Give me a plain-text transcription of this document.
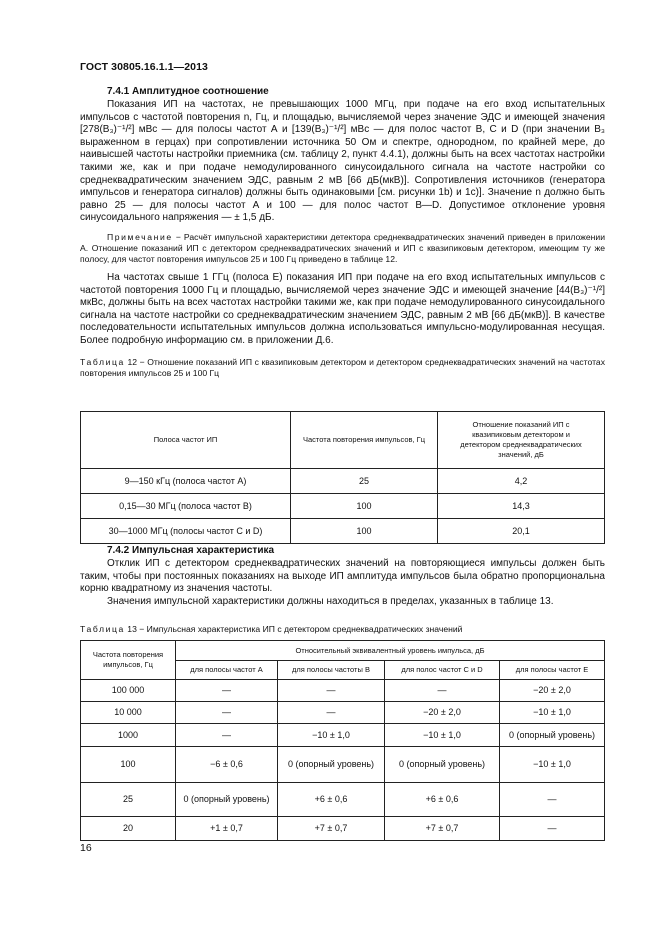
ГОСТ 30805.16.1.1—2013
7.4.1 Амплитудное соотношение

Показания ИП на частотах, не превышающих 1000 МГц, при подаче на его вход испытательных импульсов с частотой повторения n, Гц, и площадью, вычисляемой через значение ЭДС и имеющей значения [278(B₃)⁻¹/²] мВс — для полосы частот А и [139(B₃)⁻¹/²] мВс — для полос частот В, С и D (при значении B₃ выраженном в герцах) при сопротивлении источника 50 Ом и спектре, однородном, по крайней мере, до наивысшей частоты настройки приемника (см. таблицу 2, пункт 4.4.1), должны быть на всех частотах настройки такими же, как и при подаче немодулированного синусоидального сигнала на частоте настройки со среднеквадратическим значением ЭДС, равным 2 мВ [66 дБ(мкВ)]. Сопротивления источников (генератора импульсов и генератора сигналов) должны быть одинаковыми [см. рисунки 1b) и 1с)]. Значение n должно быть равно 25 — для полосы частот А и 100 — для полос частот В—D. Допустимое отклонение уровня синусоидального напряжения — ± 1,5 дБ.

Примечание − Расчёт импульсной характеристики детектора среднеквадратических значений приведен в приложении А. Отношение показаний ИП с детектором среднеквадратических значений и ИП с квазипиковым детектором, имеющим ту же полосу, для частот повторения импульсов 25 и 100 Гц приведено в таблице 12.

На частотах свыше 1 ГГц (полоса Е) показания ИП при подаче на его вход испытательных импульсов с частотой повторения 1000 Гц и площадью, вычисляемой через значение ЭДС и имеющей значение [44(B₃)⁻¹/²] мкВс, должны быть на всех частотах настройки такими же, как при подаче немодулированного синусоидального сигнала на частоте настройки со среднеквадратическим значением ЭДС, равным 2 мВ [66 дБ(мкВ)]. В качестве последовательности испытательных импульсов должна использоваться импульсно-модулированная несущая. Более подробную информацию см. в приложении Д.6.

Таблица 12 − Отношение показаний ИП с квазипиковым детектором и детектором среднеквадратических значений на частотах повторения импульсов 25 и 100 Гц
Полоса частот ИП	Частота повторения импульсов, Гц	Отношение показаний ИП с квазипиковым детектором и детектором среднеквадратических значений, дБ
9—150 кГц (полоса частот А)	25	4,2
0,15—30 МГц (полоса частот В)	100	14,3
30—1000 МГц (полосы частот С и D)	100	20,1
7.4.2 Импульсная характеристика

Отклик ИП с детектором среднеквадратических значений на повторяющиеся импульсы должен быть таким, чтобы при постоянных показаниях на выходе ИП амплитуда импульсов была обратно пропорциональна корню квадратному из значения частоты.

Значения импульсной характеристики должны находиться в пределах, указанных в таблице 13.

Таблица 13 − Импульсная характеристика ИП с детектором среднеквадратических значений
Частота повторения импульсов, Гц	Относительный эквивалентный уровень импульса, дБ			
	для полосы частот А	для полосы частоты В	для полос частот С и D	для полосы частот Е
100 000	—	—	—	−20 ± 2,0
10 000	—	—	−20 ± 2,0	−10 ± 1,0
1000	—	−10 ± 1,0	−10 ± 1,0	0 (опорный уровень)
100	−6 ± 0,6	0 (опорный уровень)	0 (опорный уровень)	−10 ± 1,0
25	0 (опорный уровень)	+6 ± 0,6	+6 ± 0,6	—
20	+1 ± 0,7	+7 ± 0,7	+7 ± 0,7	—
16
